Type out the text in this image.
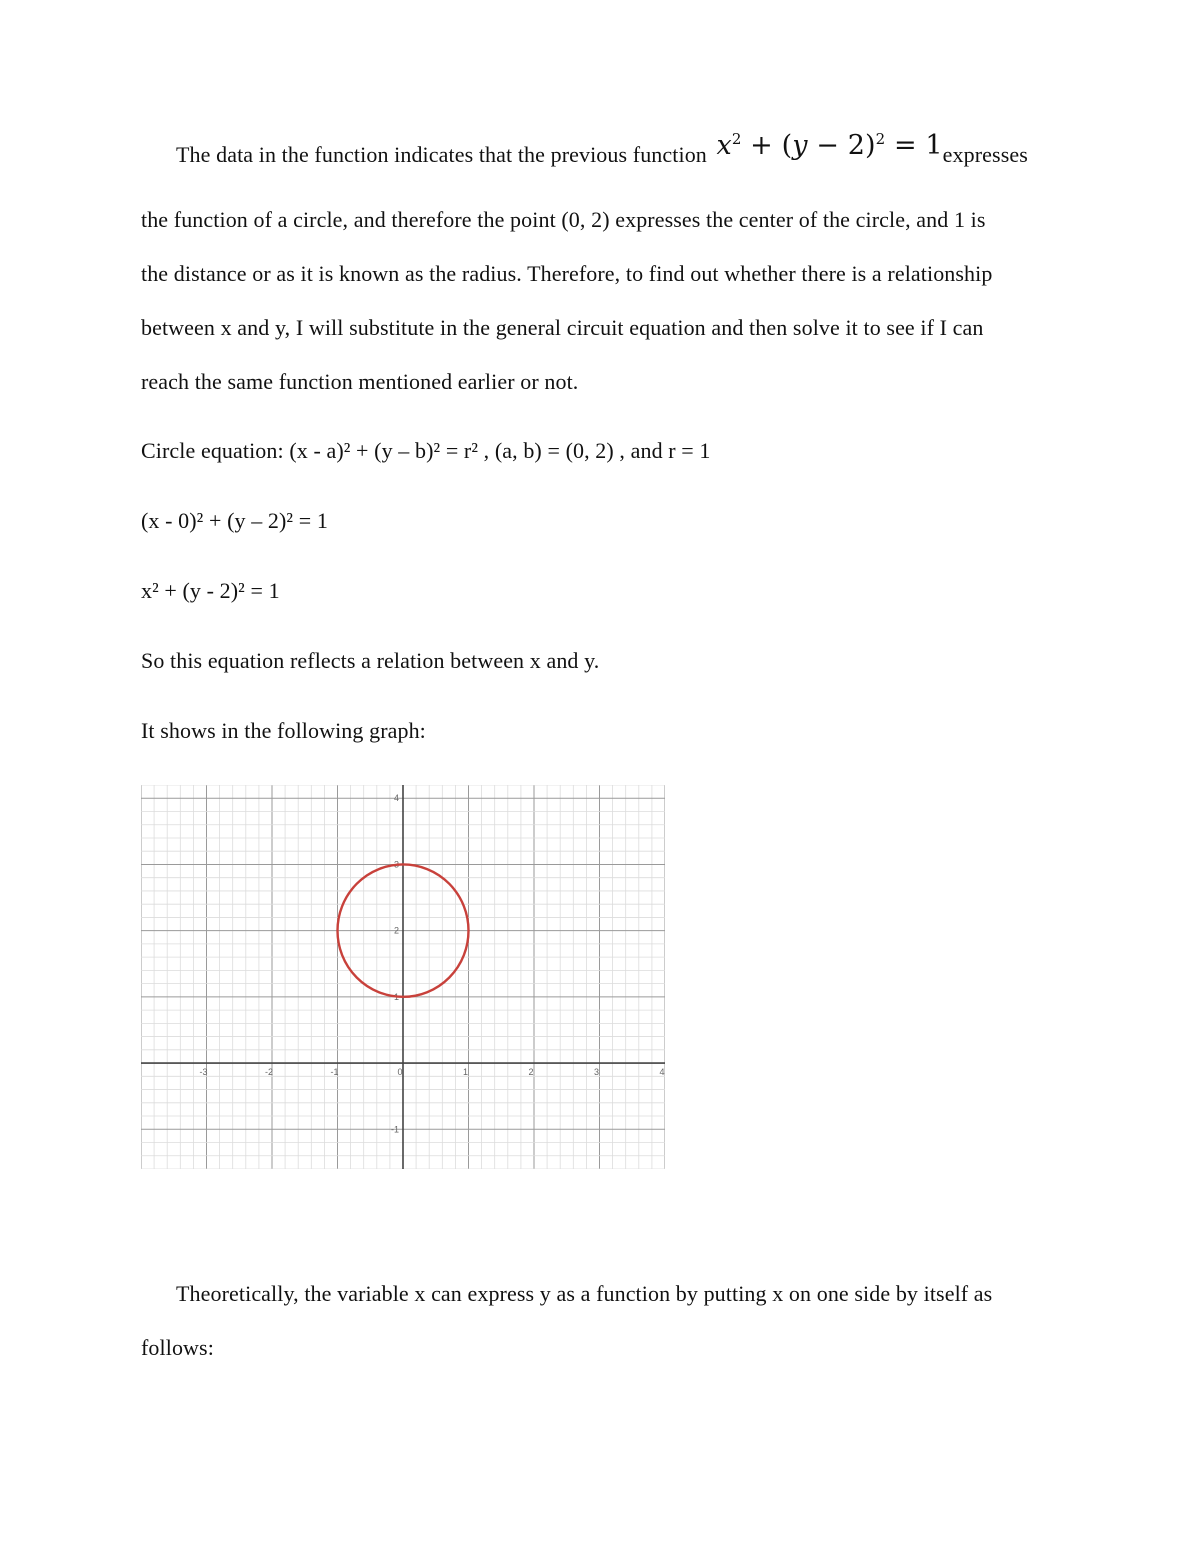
The data in the function indicates that the previous function $x^2 + (y - 2)^2$ = 1expresses
the function of a circle, and therefore the point (0, 2) expresses the center of the circle, and 1 is
the distance or as it is known as the radius. Therefore, to find out whether there is a relationship
between x and y, I will substitute in the general circuit equation and then solve it to see if I can
reach the same function mentioned earlier or not.
Circle equation: (x - a)² + (y – b)² = r² , (a, b) = (0, 2) , and r = 1
(x - 0)² + (y – 2)² = 1
x² + (y - 2)² = 1
So this equation reflects a relation between x and y.
It shows in the following graph:
-3	-2	-1	0	1	2	3	4
4
3
2
1
-1
Theoretically, the variable x can express y as a function by putting x on one side by itself as
follows:
